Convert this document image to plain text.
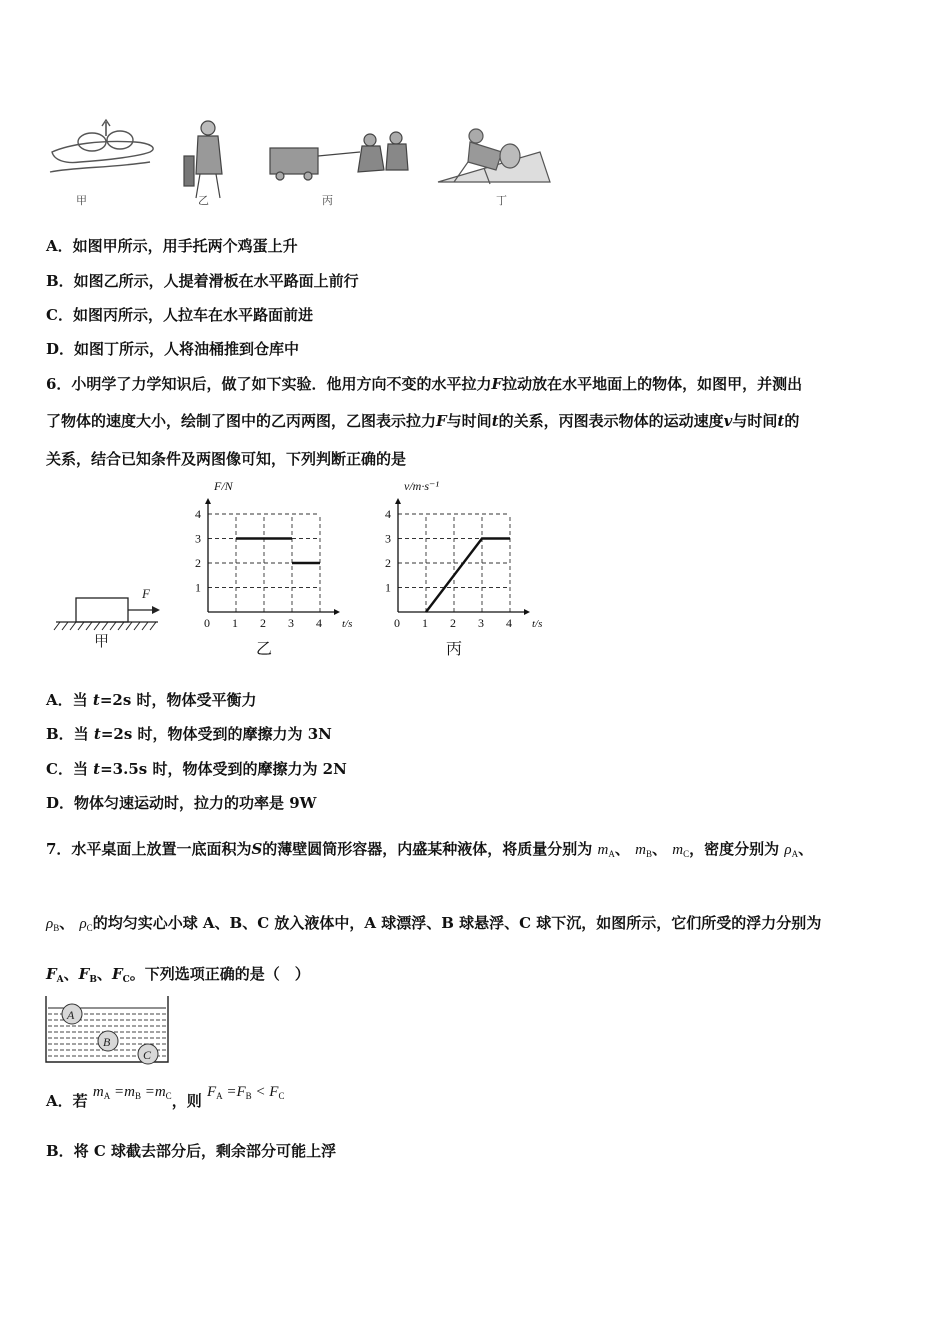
甲	乙	丙	丁
A．如图甲所示，用手托两个鸡蛋上升
B．如图乙所示，人提着滑板在水平路面上前行
C．如图丙所示，人拉车在水平路面前进
D．如图丁所示，人将油桶推到仓库中
6．小明学了力学知识后，做了如下实验．他用方向不变的水平拉力F拉动放在水平地面上的物体，如图甲，并测出
了物体的速度大小，绘制了图中的乙丙两图，乙图表示拉力F与时间t的关系，丙图表示物体的运动速度v与时间t的
关系，结合已知条件及两图像可知，下列判断正确的是
F
甲
0 1 2 3 4
1
2
3
4
F/N
t/s
乙
0 1 2 3 4
1
2
3
4
v/m·s⁻¹
t/s
丙
A．当 t=2s 时，物体受平衡力
B．当 t=2s 时，物体受到的摩擦力为 3N
C．当 t=3.5s 时，物体受到的摩擦力为 2N
D．物体匀速运动时，拉力的功率是 9W
7．水平桌面上放置一底面积为S的薄壁圆筒形容器，内盛某种液体，将质量分别为 $m_A$、 $m_B$、 $m_C$，密度分别为 $\rho_A$、
$\rho_B$、 $\rho_C$的均匀实心小球 A、B、C 放入液体中，A 球漂浮、B 球悬浮、C 球下沉，如图所示，它们所受的浮力分别为
$F_A$、$F_B$、$F_C$。下列选项正确的是（　）
A
B
C
A．若 $m_A =m_B =m_C$，则 $F_A =F_B < F_C$
B．将 C 球截去部分后，剩余部分可能上浮
